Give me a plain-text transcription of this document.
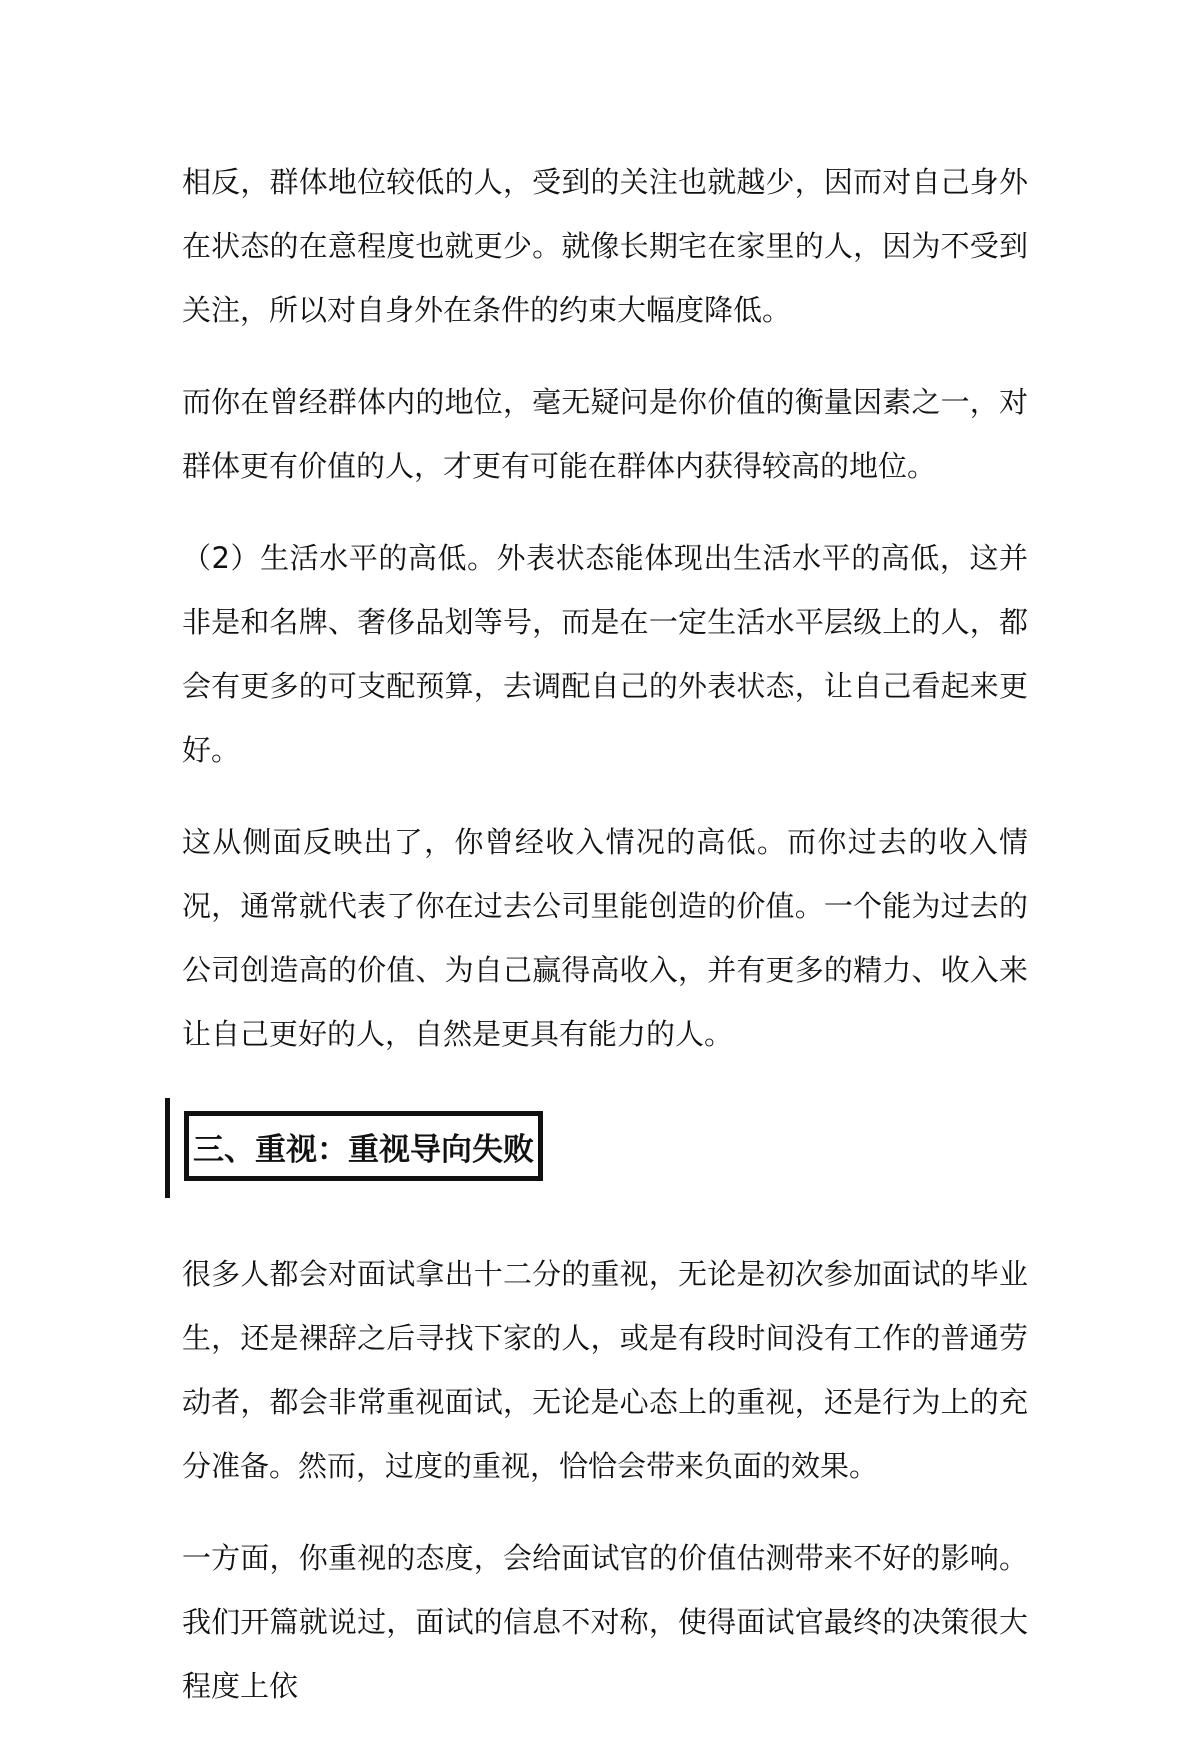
相反，群体地位较低的人，受到的关注也就越少，因而对自己身外在状态的在意程度也就更少。就像长期宅在家里的人，因为不受到关注，所以对自身外在条件的约束大幅度降低。

而你在曾经群体内的地位，毫无疑问是你价值的衡量因素之一，对群体更有价值的人，才更有可能在群体内获得较高的地位。

（2）生活水平的高低。外表状态能体现出生活水平的高低，这并非是和名牌、奢侈品划等号，而是在一定生活水平层级上的人，都会有更多的可支配预算，去调配自己的外表状态，让自己看起来更好。

这从侧面反映出了，你曾经收入情况的高低。而你过去的收入情况，通常就代表了你在过去公司里能创造的价值。一个能为过去的公司创造高的价值、为自己赢得高收入，并有更多的精力、收入来让自己更好的人，自然是更具有能力的人。

三、重视：重视导向失败

很多人都会对面试拿出十二分的重视，无论是初次参加面试的毕业生，还是裸辞之后寻找下家的人，或是有段时间没有工作的普通劳动者，都会非常重视面试，无论是心态上的重视，还是行为上的充分准备。然而，过度的重视，恰恰会带来负面的效果。

一方面，你重视的态度，会给面试官的价值估测带来不好的影响。我们开篇就说过，面试的信息不对称，使得面试官最终的决策很大程度上依
